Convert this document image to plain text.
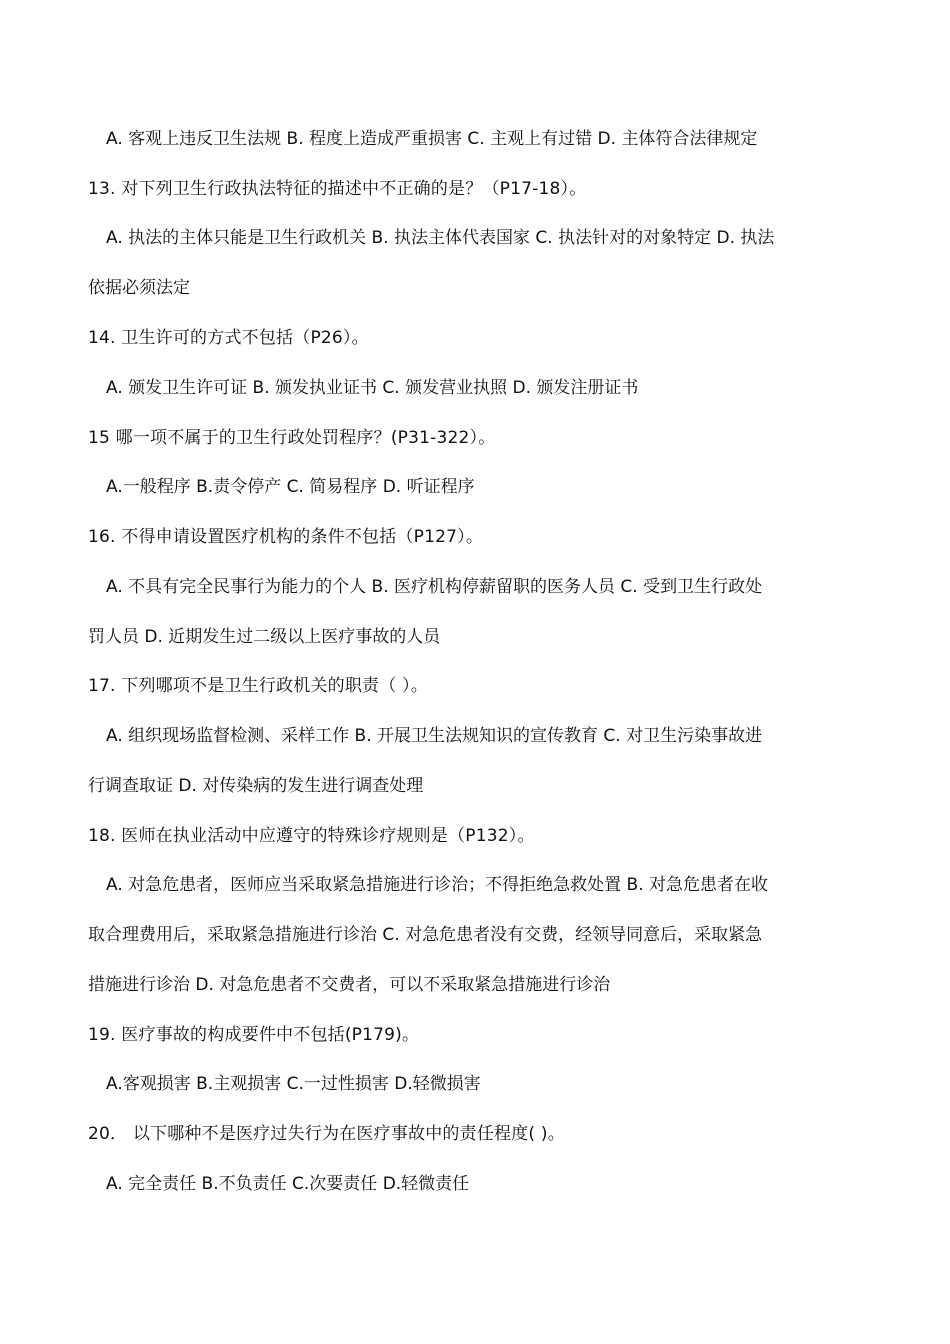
A. 客观上违反卫生法规 B. 程度上造成严重损害 C. 主观上有过错 D. 主体符合法律规定
13. 对下列卫生行政执法特征的描述中不正确的是？（P17-18）。
A. 执法的主体只能是卫生行政机关 B. 执法主体代表国家 C. 执法针对的对象特定 D. 执法
依据必须法定
14. 卫生许可的方式不包括（P26）。
A. 颁发卫生许可证 B. 颁发执业证书 C. 颁发营业执照 D. 颁发注册证书
15 哪一项不属于的卫生行政处罚程序？(P31-322）。
A.一般程序 B.责令停产 C. 简易程序 D. 听证程序
16. 不得申请设置医疗机构的条件不包括（P127）。
A. 不具有完全民事行为能力的个人 B. 医疗机构停薪留职的医务人员 C. 受到卫生行政处
罚人员 D. 近期发生过二级以上医疗事故的人员
17. 下列哪项不是卫生行政机关的职责（ ）。
A. 组织现场监督检测、采样工作 B. 开展卫生法规知识的宣传教育 C. 对卫生污染事故进
行调查取证 D. 对传染病的发生进行调查处理
18. 医师在执业活动中应遵守的特殊诊疗规则是（P132）。
A. 对急危患者，医师应当采取紧急措施进行诊治；不得拒绝急救处置 B. 对急危患者在收
取合理费用后，采取紧急措施进行诊治 C. 对急危患者没有交费，经领导同意后，采取紧急
措施进行诊治 D. 对急危患者不交费者，可以不采取紧急措施进行诊治
19. 医疗事故的构成要件中不包括(P179)。
A.客观损害 B.主观损害 C.一过性损害 D.轻微损害
20． 以下哪种不是医疗过失行为在医疗事故中的责任程度( )。
A. 完全责任 B.不负责任 C.次要责任 D.轻微责任
